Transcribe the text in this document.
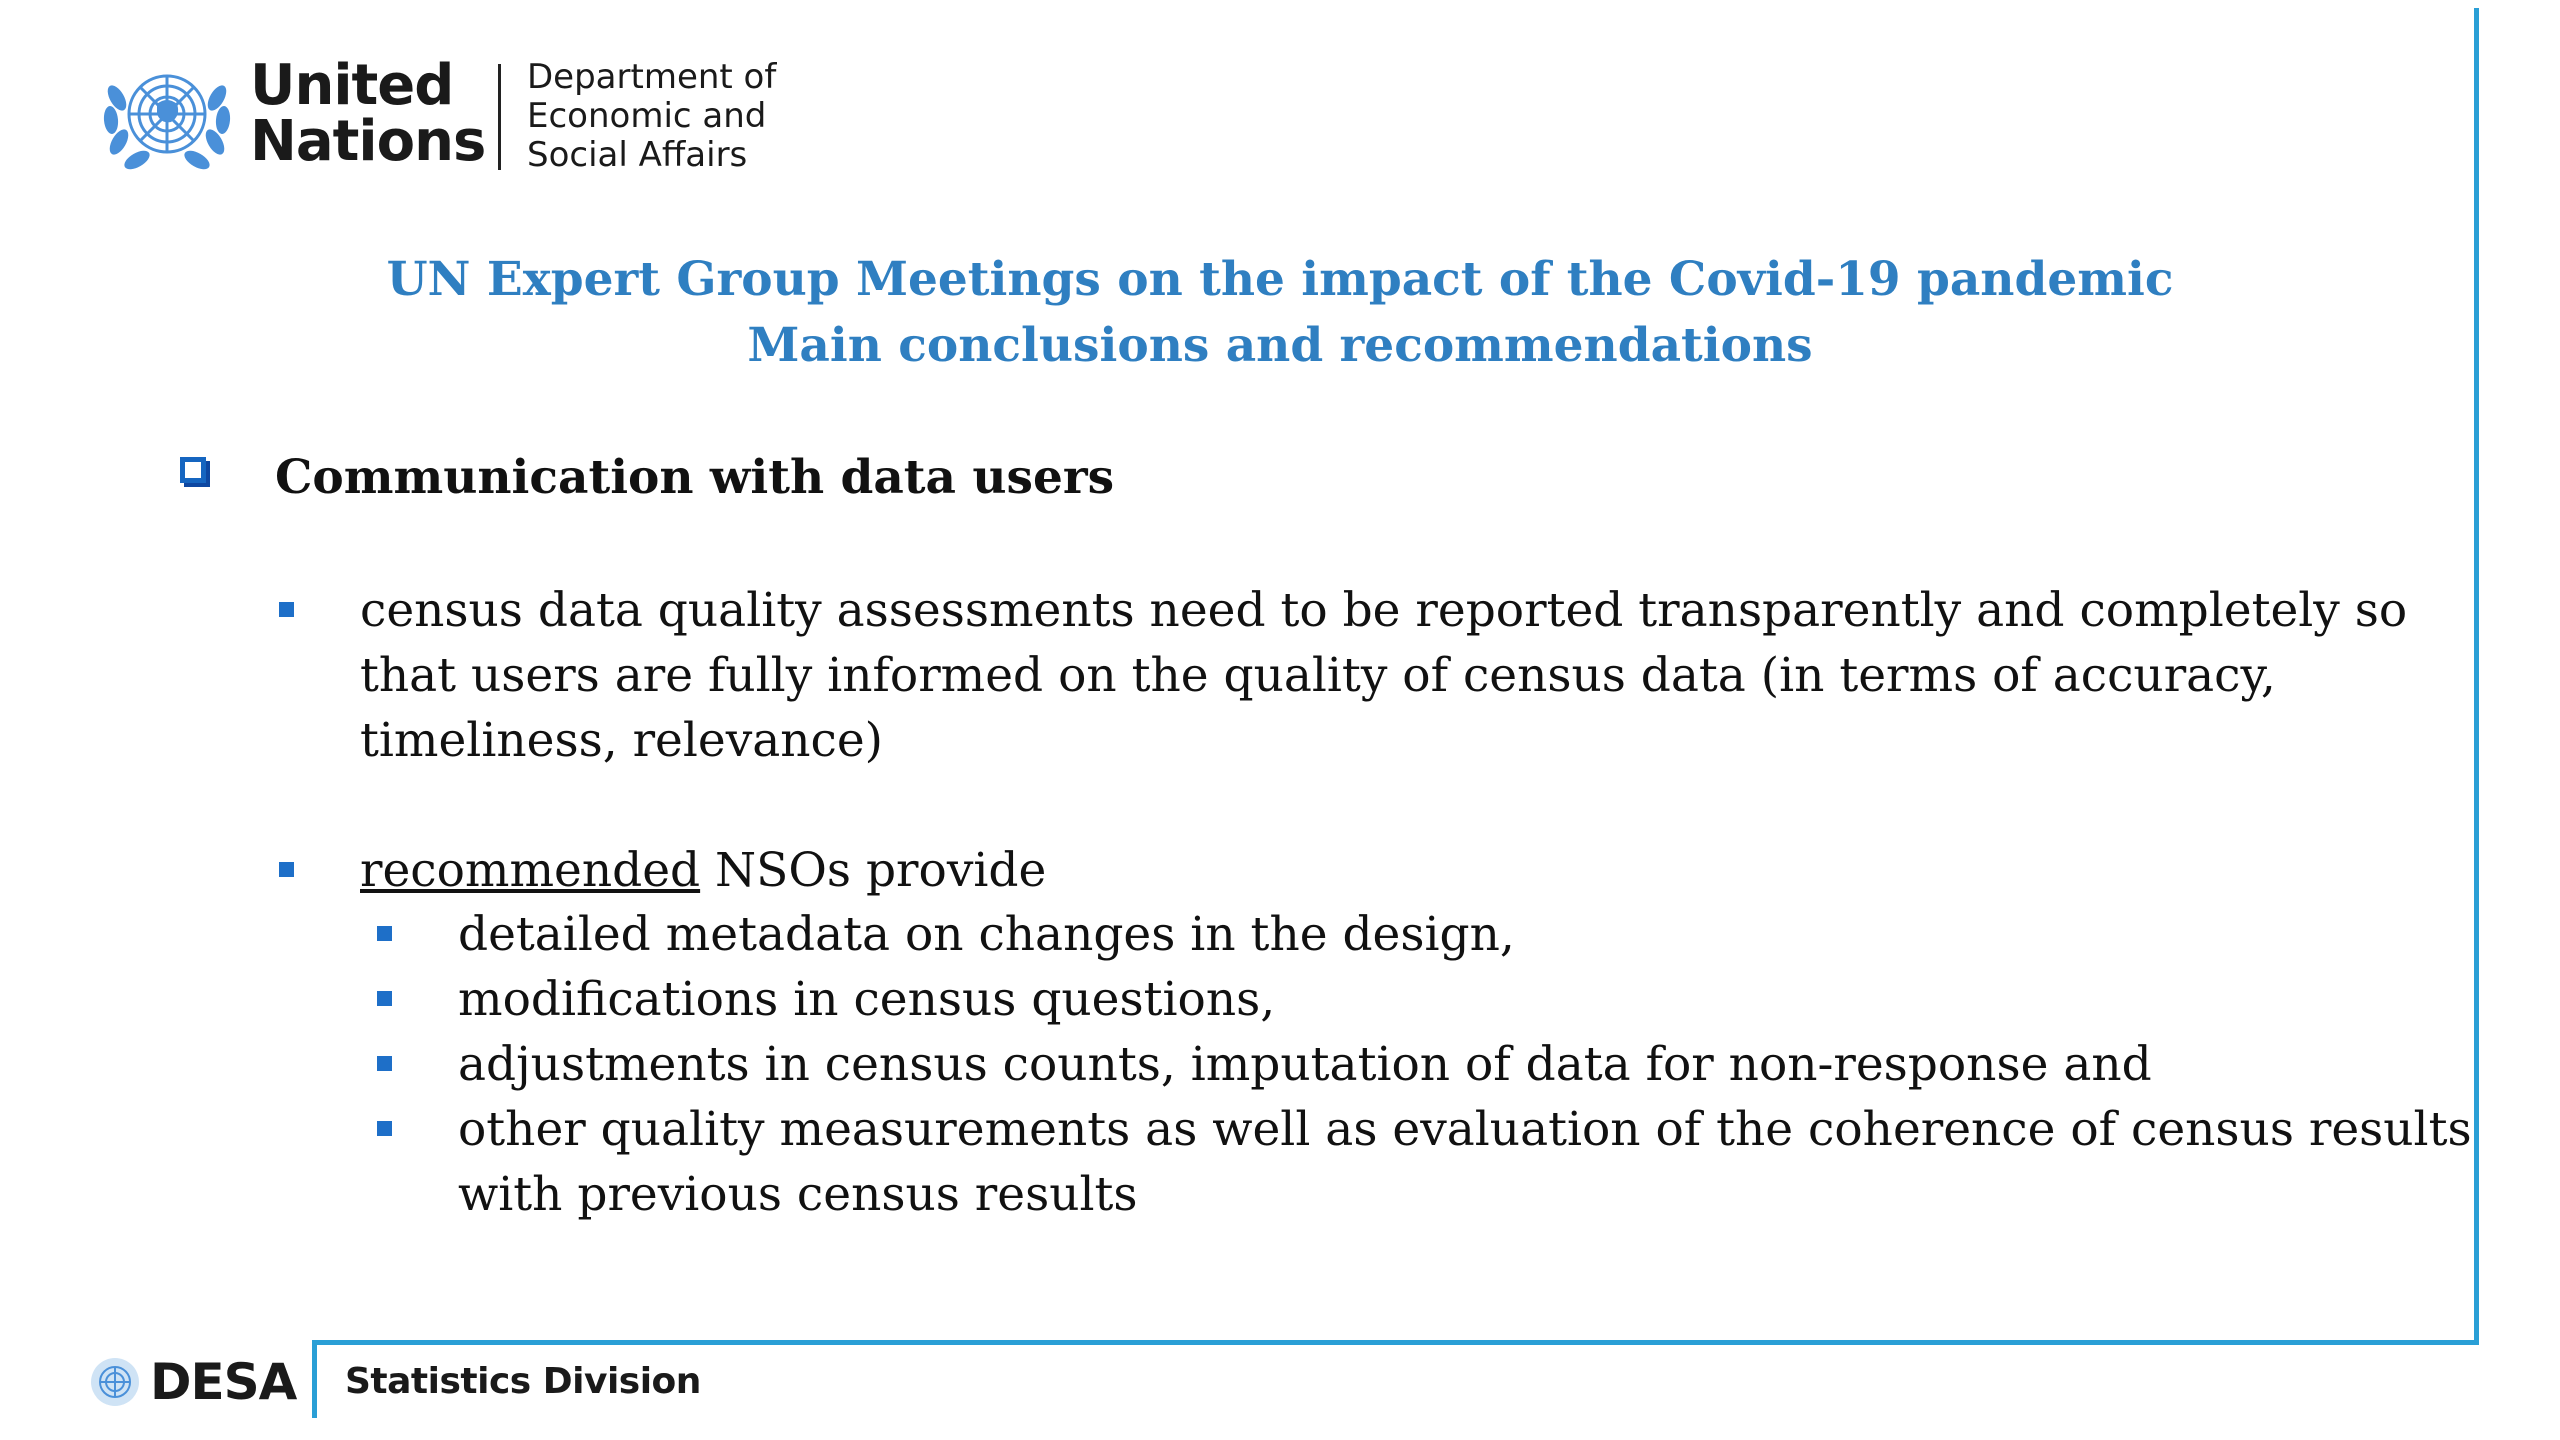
United
Nations
Department of
Economic and
Social Affairs
UN Expert Group Meetings on the impact of the Covid-19 pandemic
Main conclusions and recommendations
Communication with data users
census data quality assessments need to be reported transparently and completely so
that users are fully informed on the quality of census data (in terms of accuracy,
timeliness, relevance)
recommended NSOs provide
detailed metadata on changes in the design,
modifications in census questions,
adjustments in census counts, imputation of data for non-response and
other quality measurements as well as evaluation of the coherence of census results
with previous census results
DESA Statistics Division
